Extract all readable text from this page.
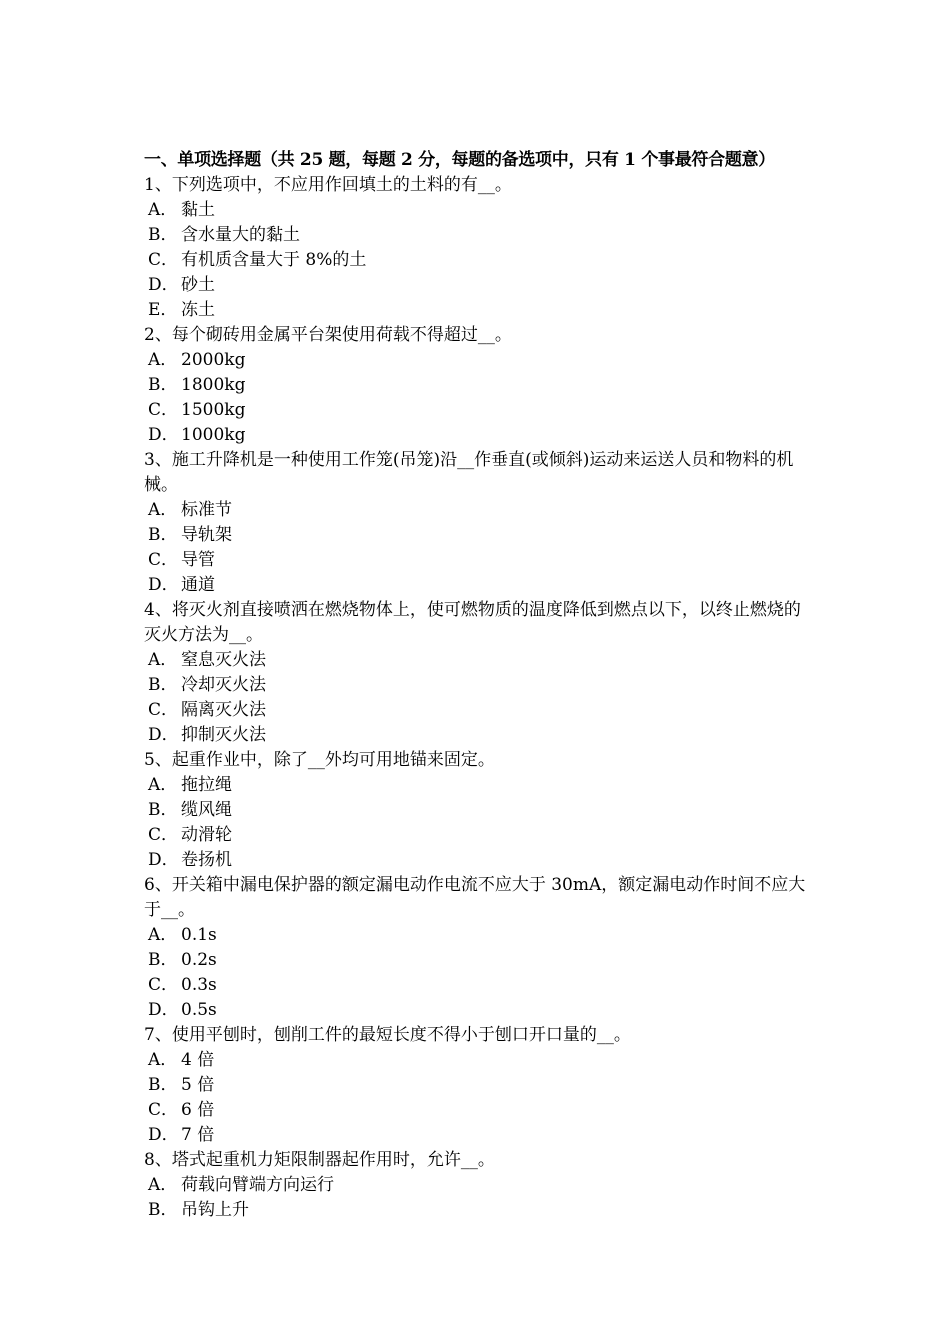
一、单项选择题（共 25 题，每题 2 分，每题的备选项中，只有 1 个事最符合题意）

1、下列选项中，不应用作回填土的土料的有__。

A． 黏土
B． 含水量大的黏土
C． 有机质含量大于 8%的土
D． 砂土
E． 冻土

2、每个砌砖用金属平台架使用荷载不得超过__。

A． 2000kg
B． 1800kg
C． 1500kg
D． 1000kg

3、施工升降机是一种使用工作笼(吊笼)沿__作垂直(或倾斜)运动来运送人员和物料的机械。

A． 标准节
B． 导轨架
C． 导管
D． 通道

4、将灭火剂直接喷洒在燃烧物体上，使可燃物质的温度降低到燃点以下，以终止燃烧的灭火方法为__。

A． 窒息灭火法
B． 冷却灭火法
C． 隔离灭火法
D． 抑制灭火法

5、起重作业中，除了__外均可用地锚来固定。

A． 拖拉绳
B． 缆风绳
C． 动滑轮
D． 卷扬机

6、开关箱中漏电保护器的额定漏电动作电流不应大于 30mA，额定漏电动作时间不应大于__。

A． 0.1s
B． 0.2s
C． 0.3s
D． 0.5s

7、使用平刨时，刨削工件的最短长度不得小于刨口开口量的__。

A． 4 倍
B． 5 倍
C． 6 倍
D． 7 倍

8、塔式起重机力矩限制器起作用时，允许__。

A． 荷载向臂端方向运行
B． 吊钩上升
